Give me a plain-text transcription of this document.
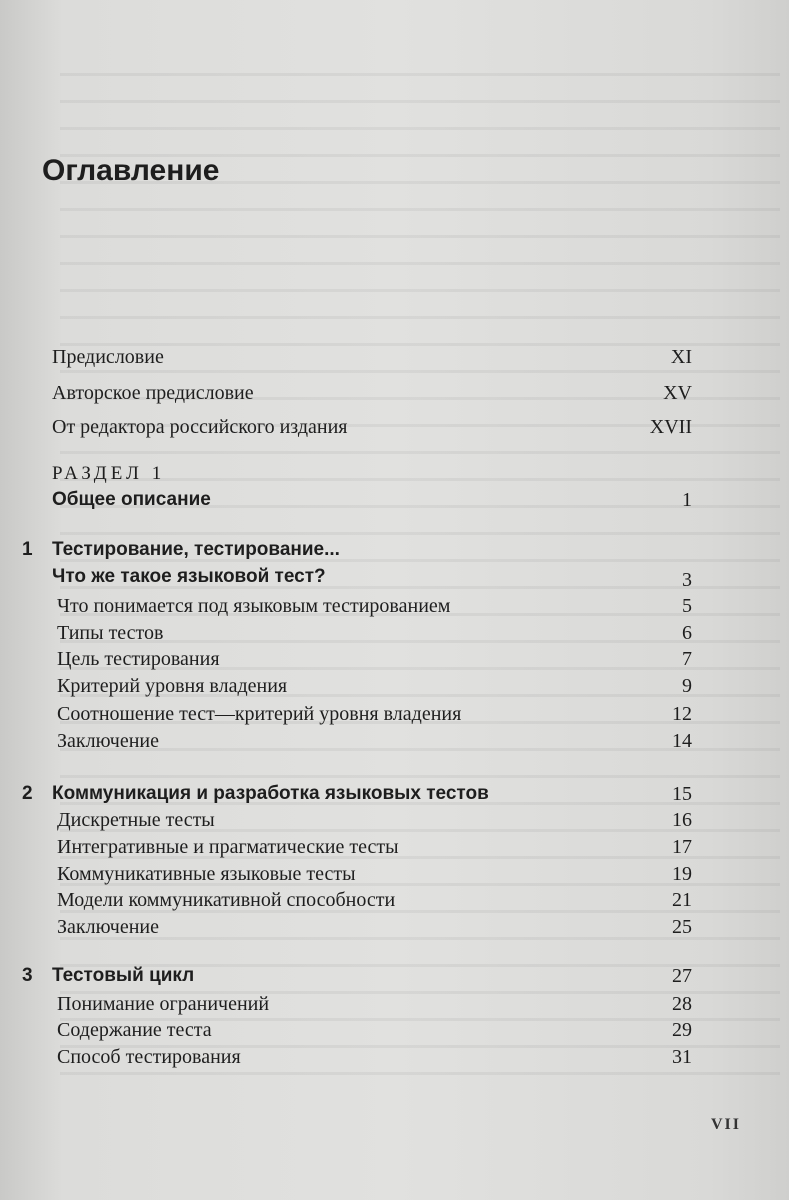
Оглавление
Предисловие	XI
Авторское предисловие	XV
От редактора российского издания	XVII
РАЗДЕЛ 1
Общее описание	1
1 Тестирование, тестирование...
Что же такое языковой тест?	3
Что понимается под языковым тестированием	5
Типы тестов	6
Цель тестирования	7
Критерий уровня владения	9
Соотношение тест—критерий уровня владения	12
Заключение	14
2 Коммуникация и разработка языковых тестов	15
Дискретные тесты	16
Интегративные и прагматические тесты	17
Коммуникативные языковые тесты	19
Модели коммуникативной способности	21
Заключение	25
3 Тестовый цикл	27
Понимание ограничений	28
Содержание теста	29
Способ тестирования	31
VII
